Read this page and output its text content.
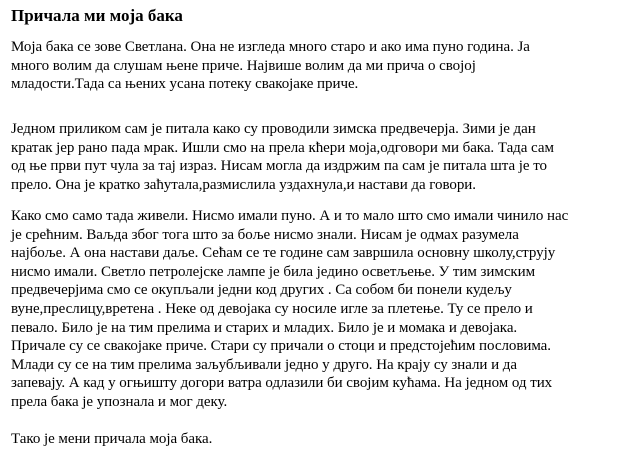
Причала ми моја бака

Моја бака се зове Светлана. Она не изгледа много старо и ако има пуно година. Ја
много волим да слушам њене приче. Највише волим да ми прича о својој
младости.Тада са њених усана потеку свакојаке приче.

Једном приликом сам је питала како су проводили зимска предвечерја. Зими је дан
кратак јер рано пада мрак. Ишли смо на прела кћери моја,одговори ми бака. Тада сам
од ње први пут чула за тај израз. Нисам могла да издржим па сам је питала шта је то
прело. Она је кратко заћутала,размислила уздахнула,и настави да говори.

Како смо само тада живели. Нисмо имали пуно. А и то мало што смо имали чинило нас
је срећним. Ваљда због тога што за боље нисмо знали. Нисам је одмах разумела
најбоље. А она настави даље. Сећам се те године сам завршила основну школу,струју
нисмо имали. Светло петролејске лампе је била једино осветљење. У тим зимским
предвечерјима смо се окупљали једни код других . Са собом би понели кудељу
вуне,преслицу,вретена . Неке од девојака су носиле игле за плетење. Ту се прело и
певало. Било је на тим прелима и старих и младих. Било је и момака и девојака.
Причале су се свакојаке приче. Стари су причали о стоци и предстојећим пословима.
Млади су се на тим прелима заљубљивали једно у друго. На крају су знали и да
запевају. А кад у огњишту догори ватра одлазили би својим кућама. На једном од тих
прела бака је упознала и мог деку.

Тако је мени причала моја бака.
